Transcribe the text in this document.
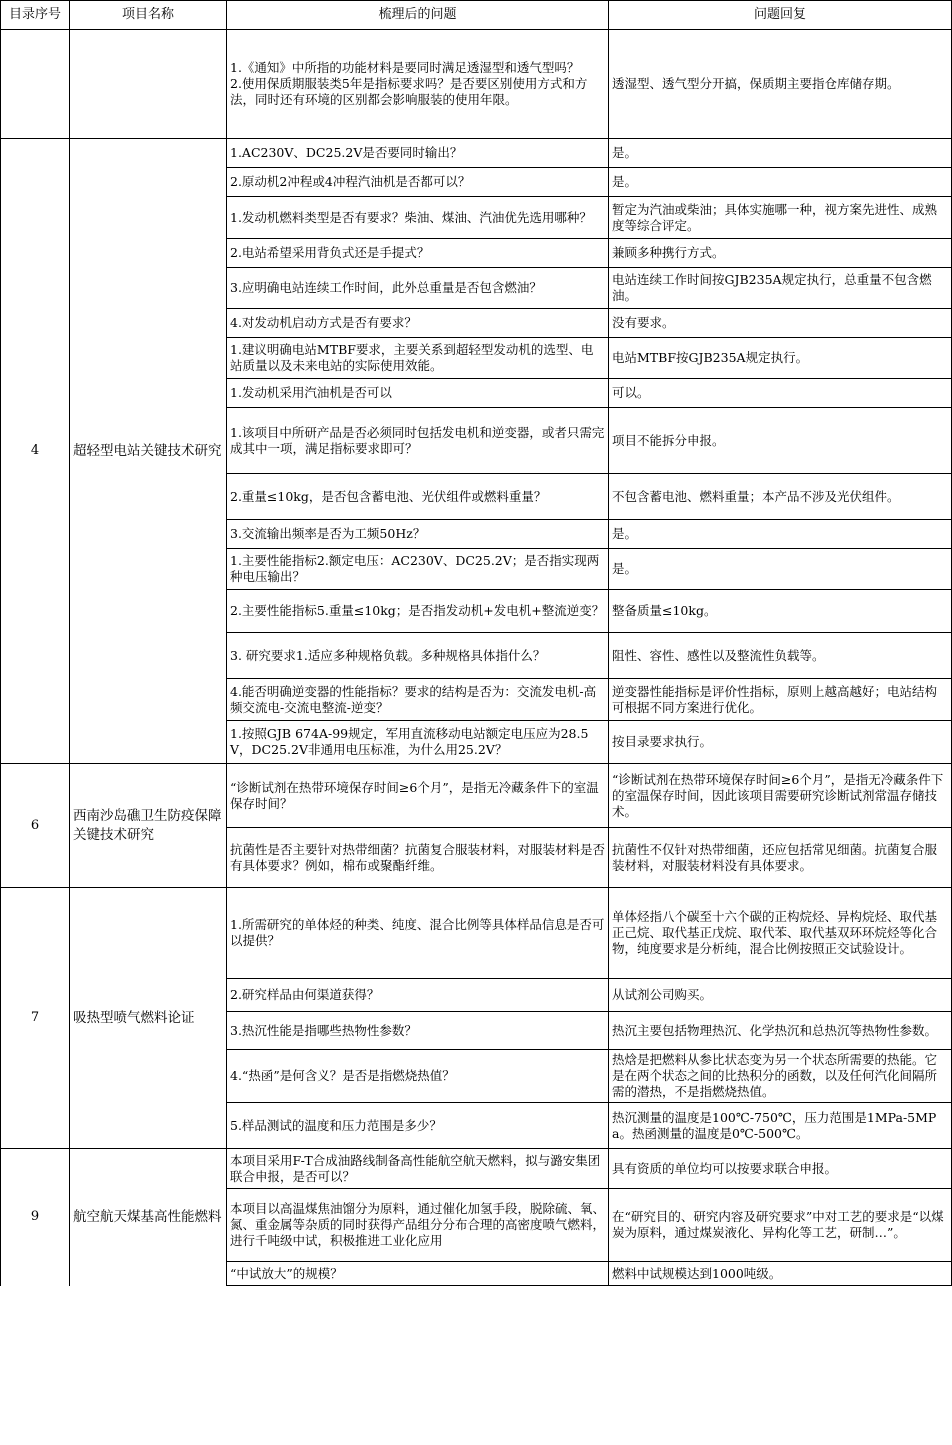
目录序号	项目名称	梳理后的问题	问题回复
		1.《通知》中所指的功能材料是要同时满足透湿型和透气型吗？
2.使用保质期服装类5年是指标要求吗？是否要区别使用方式和方法，同时还有环境的区别都会影响服装的使用年限。	透湿型、透气型分开搞，保质期主要指仓库储存期。
4	超轻型电站关键技术研究	1.AC230V、DC25.2V是否要同时输出？	是。
		2.原动机2冲程或4冲程汽油机是否都可以？	是。
		1.发动机燃料类型是否有要求？柴油、煤油、汽油优先选用哪种？	暂定为汽油或柴油；具体实施哪一种，视方案先进性、成熟度等综合评定。
		2.电站希望采用背负式还是手提式？	兼顾多种携行方式。
		3.应明确电站连续工作时间，此外总重量是否包含燃油？	电站连续工作时间按GJB235A规定执行，总重量不包含燃油。
		4.对发动机启动方式是否有要求？	没有要求。
		1.建议明确电站MTBF要求，主要关系到超轻型发动机的选型、电站质量以及未来电站的实际使用效能。	电站MTBF按GJB235A规定执行。
		1.发动机采用汽油机是否可以	可以。
		1.该项目中所研产品是否必须同时包括发电机和逆变器，或者只需完成其中一项，满足指标要求即可？	项目不能拆分申报。
		2.重量≤10kg，是否包含蓄电池、光伏组件或燃料重量？	不包含蓄电池、燃料重量；本产品不涉及光伏组件。
		3.交流输出频率是否为工频50Hz？	是。
		1.主要性能指标2.额定电压：AC230V、DC25.2V；是否指实现两种电压输出？	是。
		2.主要性能指标5.重量≤10kg；是否指发动机+发电机+整流逆变？	整备质量≤10kg。
		3. 研究要求1.适应多种规格负载。多种规格具体指什么？	阻性、容性、感性以及整流性负载等。
		4.能否明确逆变器的性能指标？要求的结构是否为：交流发电机-高频交流电-交流电整流-逆变？	逆变器性能指标是评价性指标，原则上越高越好；电站结构可根据不同方案进行优化。
		1.按照GJB 674A-99规定，军用直流移动电站额定电压应为28.5V，DC25.2V非通用电压标准，为什么用25.2V？	按目录要求执行。
6	西南沙岛礁卫生防疫保障关键技术研究	“诊断试剂在热带环境保存时间≥6个月”，是指无冷藏条件下的室温保存时间？	“诊断试剂在热带环境保存时间≥6个月”，是指无冷藏条件下的室温保存时间，因此该项目需要研究诊断试剂常温存储技术。
		抗菌性是否主要针对热带细菌？抗菌复合服装材料，对服装材料是否有具体要求？例如，棉布或聚酯纤维。	抗菌性不仅针对热带细菌，还应包括常见细菌。抗菌复合服装材料，对服装材料没有具体要求。
7	吸热型喷气燃料论证	1.所需研究的单体烃的种类、纯度、混合比例等具体样品信息是否可以提供？	单体烃指八个碳至十六个碳的正构烷烃、异构烷烃、取代基正己烷、取代基正戊烷、取代苯、取代基双环环烷烃等化合物，纯度要求是分析纯，混合比例按照正交试验设计。
		2.研究样品由何渠道获得？	从试剂公司购买。
		3.热沉性能是指哪些热物性参数？	热沉主要包括物理热沉、化学热沉和总热沉等热物性参数。
		4.“热函”是何含义？是否是指燃烧热值？	热焓是把燃料从参比状态变为另一个状态所需要的热能。它是在两个状态之间的比热积分的函数，以及任何汽化间隔所需的潜热，不是指燃烧热值。
		5.样品测试的温度和压力范围是多少？	热沉测量的温度是100℃-750℃，压力范围是1MPa-5MPa。热函测量的温度是0℃-500℃。
9	航空航天煤基高性能燃料	本项目采用F-T合成油路线制备高性能航空航天燃料，拟与潞安集团联合申报，是否可以？	具有资质的单位均可以按要求联合申报。
		本项目以高温煤焦油馏分为原料，通过催化加氢手段，脱除硫、氧、氮、重金属等杂质的同时获得产品组分分布合理的高密度喷气燃料，进行千吨级中试，积极推进工业化应用	在“研究目的、研究内容及研究要求”中对工艺的要求是“以煤炭为原料，通过煤炭液化、异构化等工艺，研制…”。
		“中试放大”的规模？	燃料中试规模达到1000吨级。
